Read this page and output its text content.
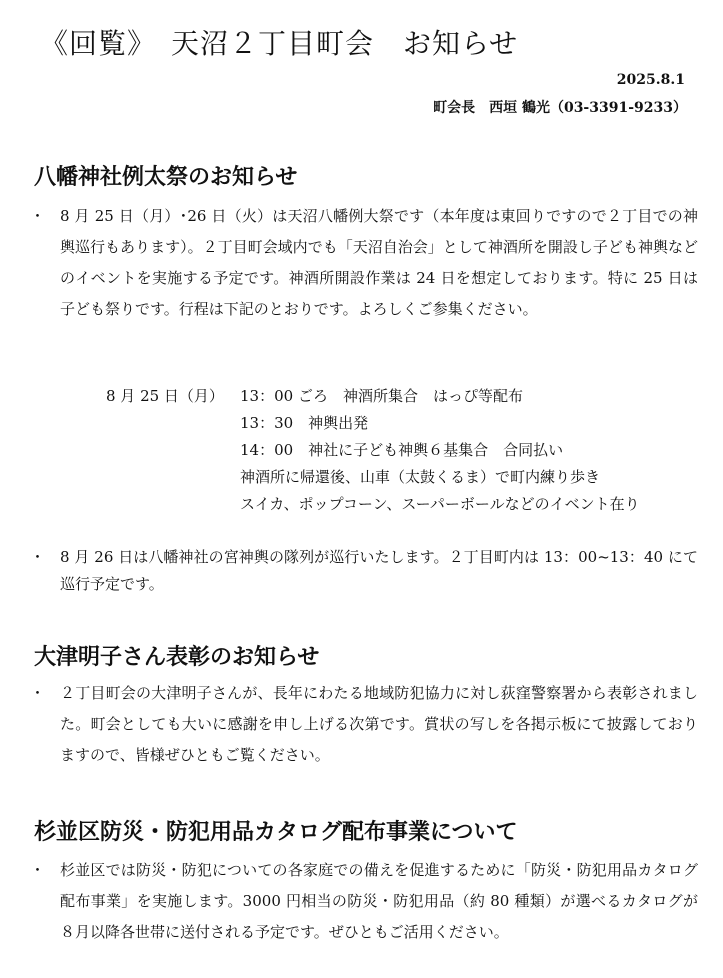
《回覧》　天沼２丁目町会　お知らせ
2025.8.1
町会長　西垣 鶴光（03-3391-9233）
八幡神社例太祭のお知らせ
・ 8 月 25 日（月）･26 日（火）は天沼八幡例大祭です（本年度は東回りですので２丁目での神輿巡行もあります）。２丁目町会域内でも「天沼自治会」として神酒所を開設し子ども神輿などのイベントを実施する予定です。神酒所開設作業は 24 日を想定しております。特に 25 日は子ども祭りです。行程は下記のとおりです。よろしくご参集ください。
8 月 25 日（月）	13：00 ごろ　神酒所集合　はっぴ等配布
13：30　神輿出発
14：00　神社に子ども神輿６基集合　合同払い
神酒所に帰還後、山車（太鼓くるま）で町内練り歩き
スイカ、ポップコーン、スーパーボールなどのイベント在り
・ 8 月 26 日は八幡神社の宮神輿の隊列が巡行いたします。２丁目町内は 13：00~13：40 にて巡行予定です。
大津明子さん表彰のお知らせ
・ ２丁目町会の大津明子さんが、長年にわたる地域防犯協力に対し荻窪警察署から表彰されました。町会としても大いに感謝を申し上げる次第です。賞状の写しを各掲示板にて披露しておりますので、皆様ぜひともご覧ください。
杉並区防災・防犯用品カタログ配布事業について
・ 杉並区では防災・防犯についての各家庭での備えを促進するために「防災・防犯用品カタログ配布事業」を実施します。3000 円相当の防災・防犯用品（約 80 種類）が選べるカタログが８月以降各世帯に送付される予定です。ぜひともご活用ください。
